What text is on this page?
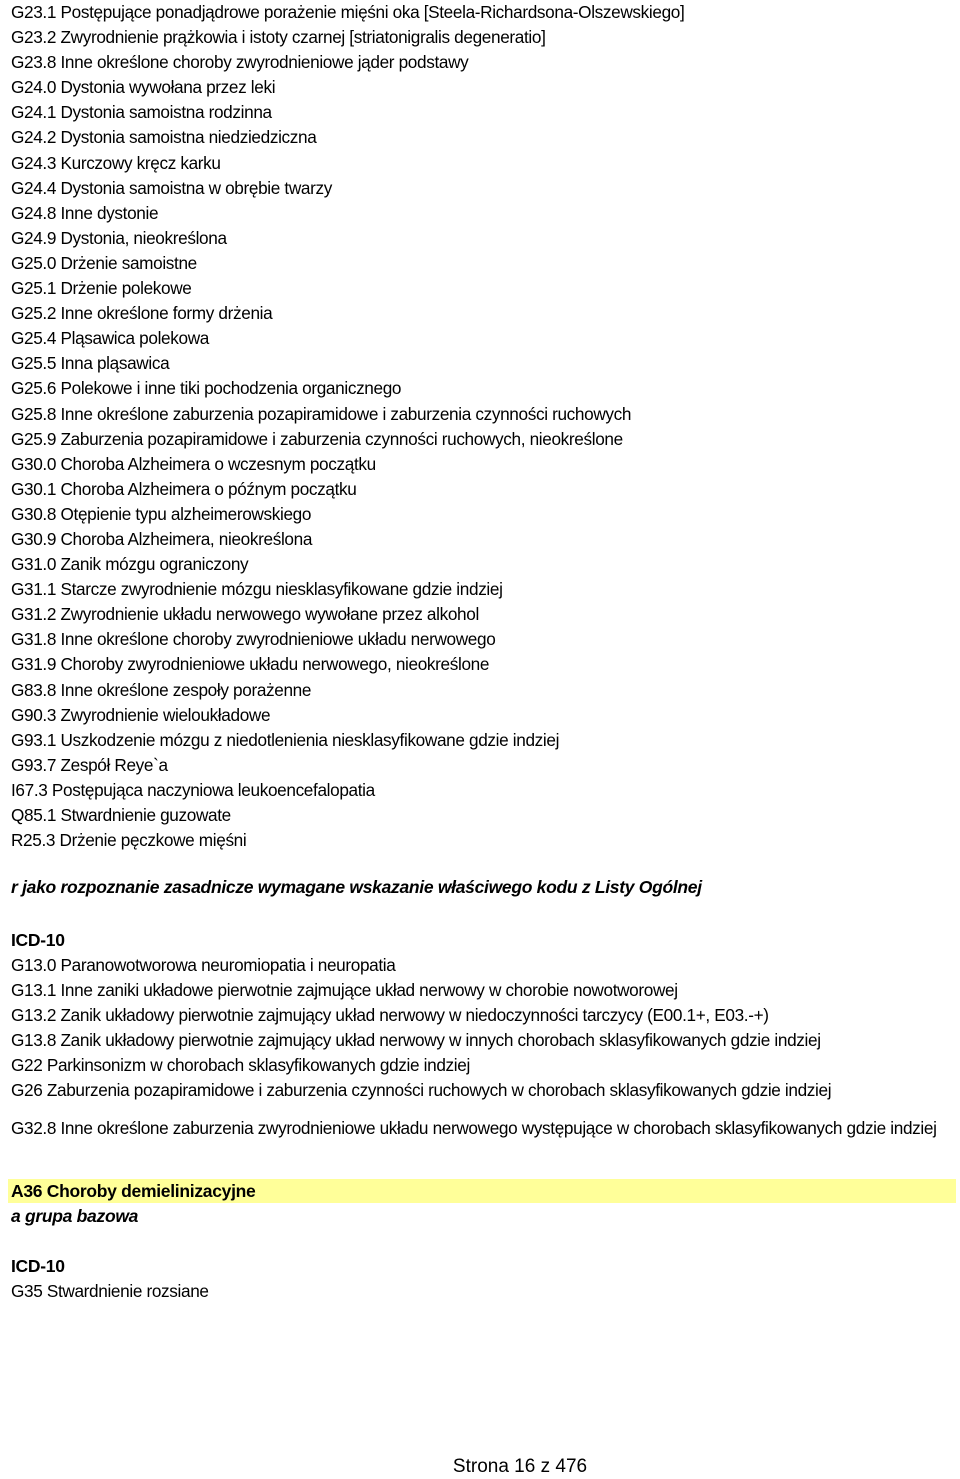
G23.1 Postępujące ponadjądrowe porażenie mięśni oka [Steela-Richardsona-Olszewskiego]
G23.2 Zwyrodnienie prążkowia i istoty czarnej [striatonigralis degeneratio]
G23.8 Inne określone choroby zwyrodnieniowe jąder podstawy
G24.0 Dystonia wywołana przez leki
G24.1 Dystonia samoistna rodzinna
G24.2 Dystonia samoistna niedziedziczna
G24.3 Kurczowy kręcz karku
G24.4 Dystonia samoistna w obrębie twarzy
G24.8 Inne dystonie
G24.9 Dystonia, nieokreślona
G25.0 Drżenie samoistne
G25.1 Drżenie polekowe
G25.2 Inne określone formy drżenia
G25.4 Pląsawica polekowa
G25.5 Inna pląsawica
G25.6 Polekowe i inne tiki pochodzenia organicznego
G25.8 Inne określone zaburzenia pozapiramidowe i zaburzenia czynności ruchowych
G25.9 Zaburzenia pozapiramidowe i zaburzenia czynności ruchowych, nieokreślone
G30.0 Choroba Alzheimera o wczesnym początku
G30.1 Choroba Alzheimera o późnym początku
G30.8 Otępienie typu alzheimerowskiego
G30.9 Choroba Alzheimera, nieokreślona
G31.0 Zanik mózgu ograniczony
G31.1 Starcze zwyrodnienie mózgu niesklasyfikowane gdzie indziej
G31.2 Zwyrodnienie układu nerwowego wywołane przez alkohol
G31.8 Inne określone choroby zwyrodnieniowe układu nerwowego
G31.9 Choroby zwyrodnieniowe układu nerwowego, nieokreślone
G83.8 Inne określone zespoły porażenne
G90.3 Zwyrodnienie wieloukładowe
G93.1 Uszkodzenie mózgu z niedotlenienia niesklasyfikowane gdzie indziej
G93.7 Zespół Reye`a
I67.3 Postępująca naczyniowa leukoencefalopatia
Q85.1 Stwardnienie guzowate
R25.3 Drżenie pęczkowe mięśni
r jako rozpoznanie zasadnicze wymagane wskazanie właściwego kodu z Listy Ogólnej
ICD-10
G13.0 Paranowotworowa neuromiopatia i neuropatia
G13.1 Inne zaniki układowe pierwotnie zajmujące układ nerwowy w chorobie nowotworowej
G13.2 Zanik układowy pierwotnie zajmujący układ nerwowy w niedoczynności tarczycy (E00.1+, E03.-+)
G13.8 Zanik układowy pierwotnie zajmujący układ nerwowy w innych chorobach sklasyfikowanych gdzie indziej
G22 Parkinsonizm w chorobach sklasyfikowanych gdzie indziej
G26 Zaburzenia pozapiramidowe i zaburzenia czynności ruchowych w chorobach sklasyfikowanych gdzie indziej
G32.8 Inne określone zaburzenia zwyrodnieniowe układu nerwowego występujące w chorobach sklasyfikowanych gdzie indziej
A36 Choroby demielinizacyjne
a grupa bazowa
ICD-10
G35 Stwardnienie rozsiane
Strona 16 z 476
